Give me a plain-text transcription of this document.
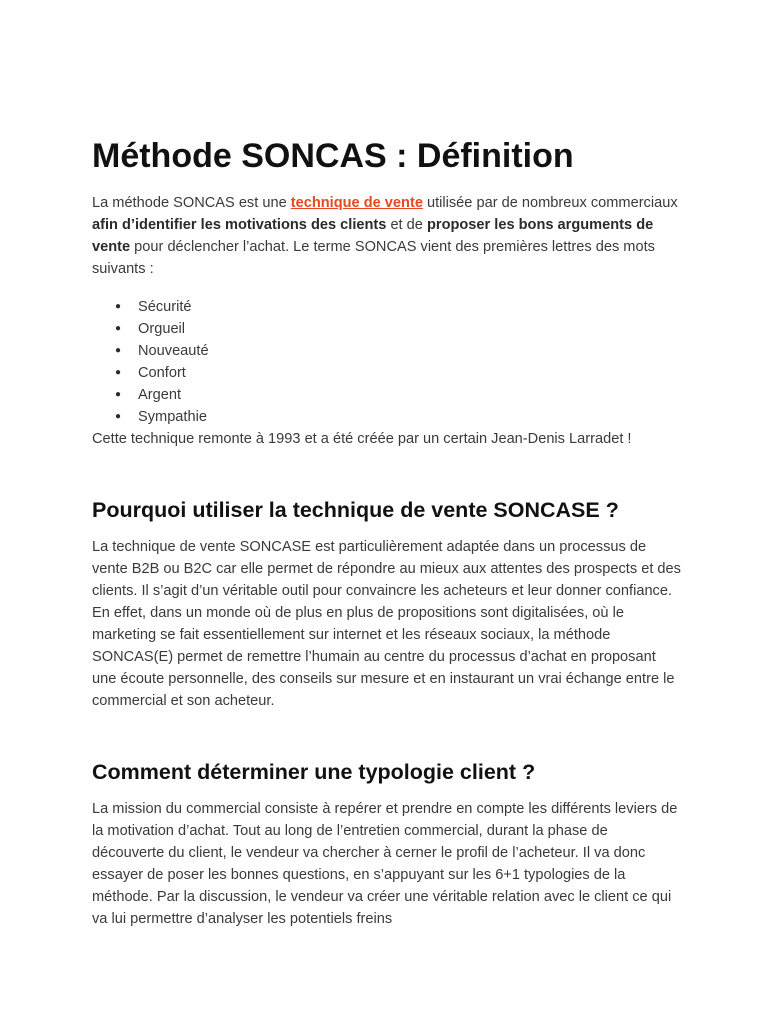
Méthode SONCAS : Définition

La méthode SONCAS est une technique de vente utilisée par de nombreux commerciaux afin d’identifier les motivations des clients et de proposer les bons arguments de vente pour déclencher l’achat. Le terme SONCAS vient des premières lettres des mots suivants :

● Sécurité
● Orgueil
● Nouveauté
● Confort
● Argent
● Sympathie

Cette technique remonte à 1993 et a été créée par un certain Jean-Denis Larradet !

Pourquoi utiliser la technique de vente SONCASE ?

La technique de vente SONCASE est particulièrement adaptée dans un processus de vente B2B ou B2C car elle permet de répondre au mieux aux attentes des prospects et des clients. Il s’agit d’un véritable outil pour convaincre les acheteurs et leur donner confiance. En effet, dans un monde où de plus en plus de propositions sont digitalisées, où le marketing se fait essentiellement sur internet et les réseaux sociaux, la méthode SONCAS(E) permet de remettre l’humain au centre du processus d’achat en proposant une écoute personnelle, des conseils sur mesure et en instaurant un vrai échange entre le commercial et son acheteur.

Comment déterminer une typologie client ?

La mission du commercial consiste à repérer et prendre en compte les différents leviers de la motivation d’achat. Tout au long de l’entretien commercial, durant la phase de découverte du client, le vendeur va chercher à cerner le profil de l’acheteur. Il va donc essayer de poser les bonnes questions, en s’appuyant sur les 6+1 typologies de la méthode. Par la discussion, le vendeur va créer une véritable relation avec le client ce qui va lui permettre d’analyser les potentiels freins
